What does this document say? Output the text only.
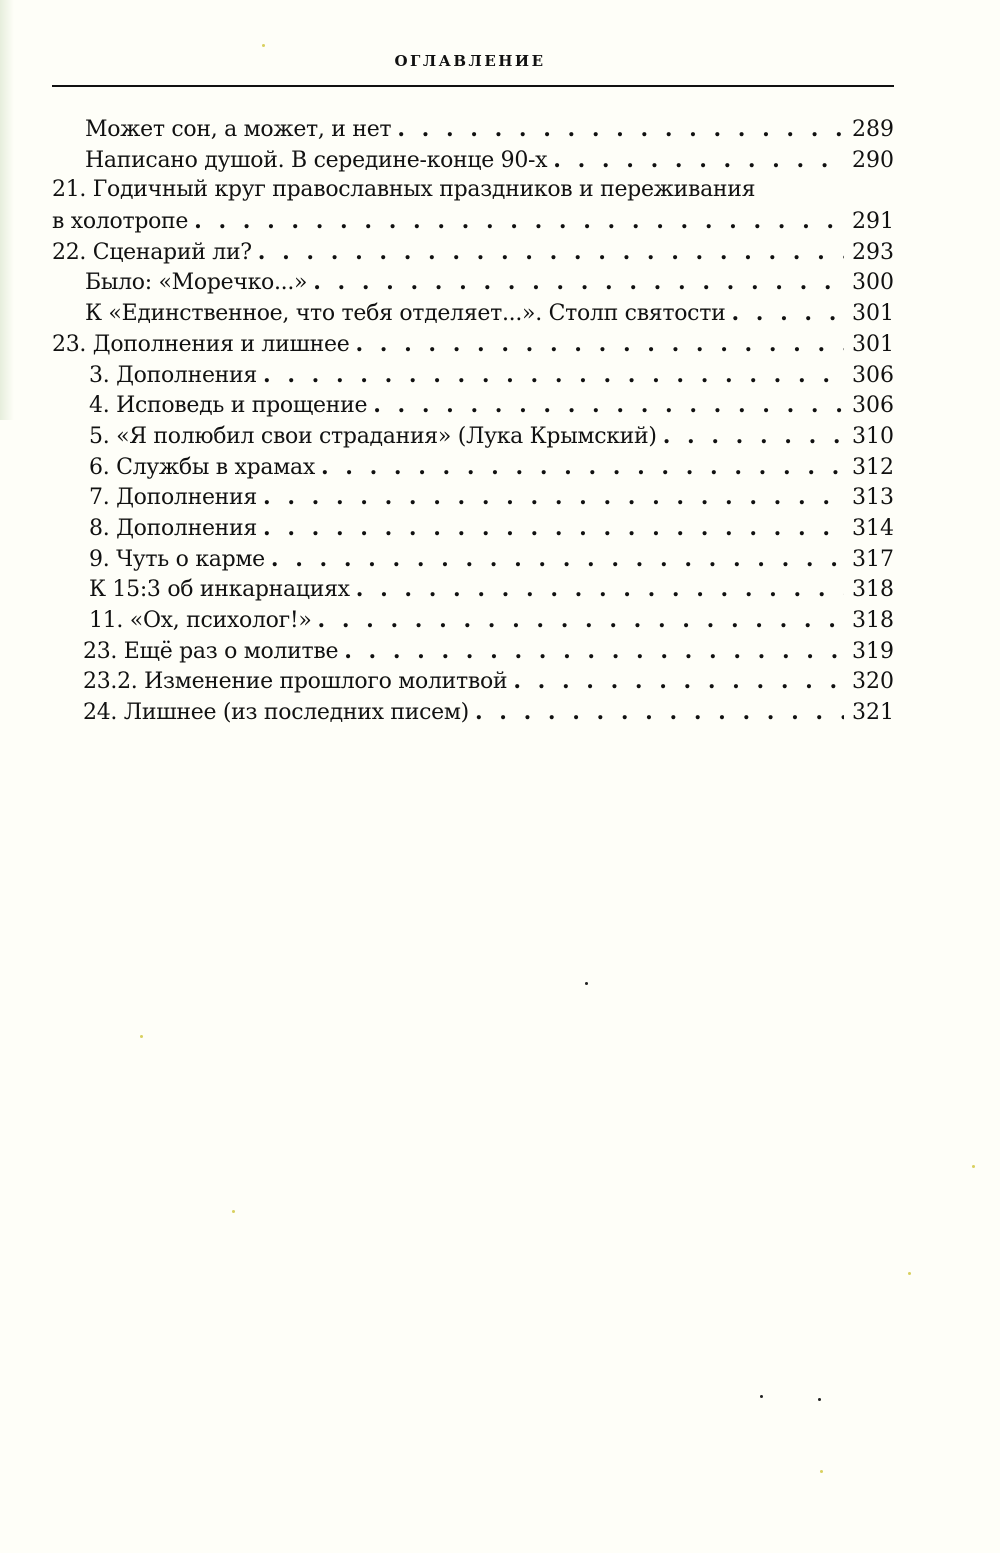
ОГЛАВЛЕНИЕ
Может сон, а может, и нет . . .	289
Написано душой. В середине-конце 90-х . . .	290
21. Годичный круг православных праздников и переживания
в холотропе . . .	291
22. Сценарий ли? . . .	293
Было: «Моречко...» . . .	300
К «Единственное, что тебя отделяет...». Столп святости . . .	301
23. Дополнения и лишнее . . .	301
3. Дополнения . . .	306
4. Исповедь и прощение . . .	306
5. «Я полюбил свои страдания» (Лука Крымский) . . .	310
6. Службы в храмах . . .	312
7. Дополнения . . .	313
8. Дополнения . . .	314
9. Чуть о карме . . .	317
К 15:3 об инкарнациях . . .	318
11. «Ох, психолог!» . . .	318
23. Ещё раз о молитве . . .	319
23.2. Изменение прошлого молитвой . . .	320
24. Лишнее (из последних писем) . . .	321
